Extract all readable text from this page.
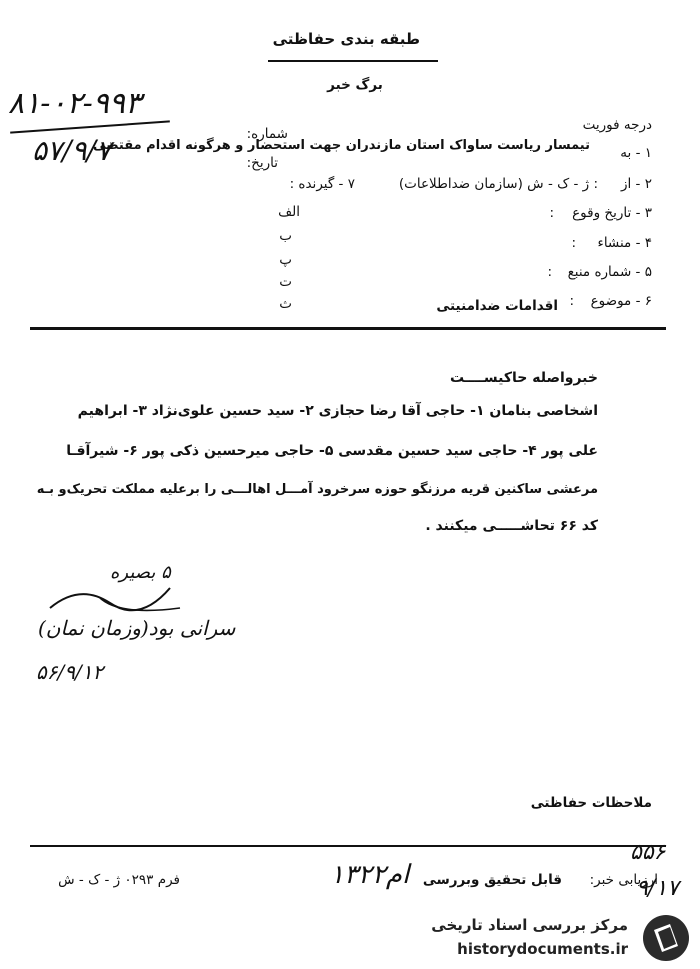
طبقه بندی حفاظتی
برگ خبر
۸۱-۰۲-۹۹۳
۵۷/۹/۷
درجه فوریت
شماره:
تاریخ:
۱ - به
تیمسار ریاست ساواک استان مازندران جهت استحضار و هرگونه اقدام مقتضی
۲ - از
: ژ - ک - ش (سازمان ضداطلاعات)
۷ - گیرنده :
۳ - تاریخ وقوع
:
الف
۴ - منشاء
:
ب
پ
۵ - شماره منبع
:
ت
۶ - موضوع
:
اقدامات ضدامنیتی
ث
خبرواصله حاکیســــت
اشخاصی بنامان ۱- حاجی آقا رضا حجازی ۲- سید حسین علوی‌نژاد ۳- ابراهیم
علی پور ۴- حاجی سید حسین مقدسی ۵- حاجی میرحسین ذکی پور ۶- شیرآقـا
مرعشی ساکنین قریه مرزنگو حوزه سرخرود آمـــل اهالـــی را برعلیه مملکت تحریک‌و بـه
کد ۶۶ تحاشـــــی میکنند .
۵ بصیره
سرانی بود(وزمان نمان)
۵۶/۹/۱۲
ملاحظات حفاظتی
ارزیابی خبر:
قابل تحقیق وبررسی
۱۳۲۲ام
فرم ۰۲۹۳ ژ - ک - ش
۵۵۶
۹/۱۷
مرکز بررسی اسناد تاریخی
historydocuments.ir
